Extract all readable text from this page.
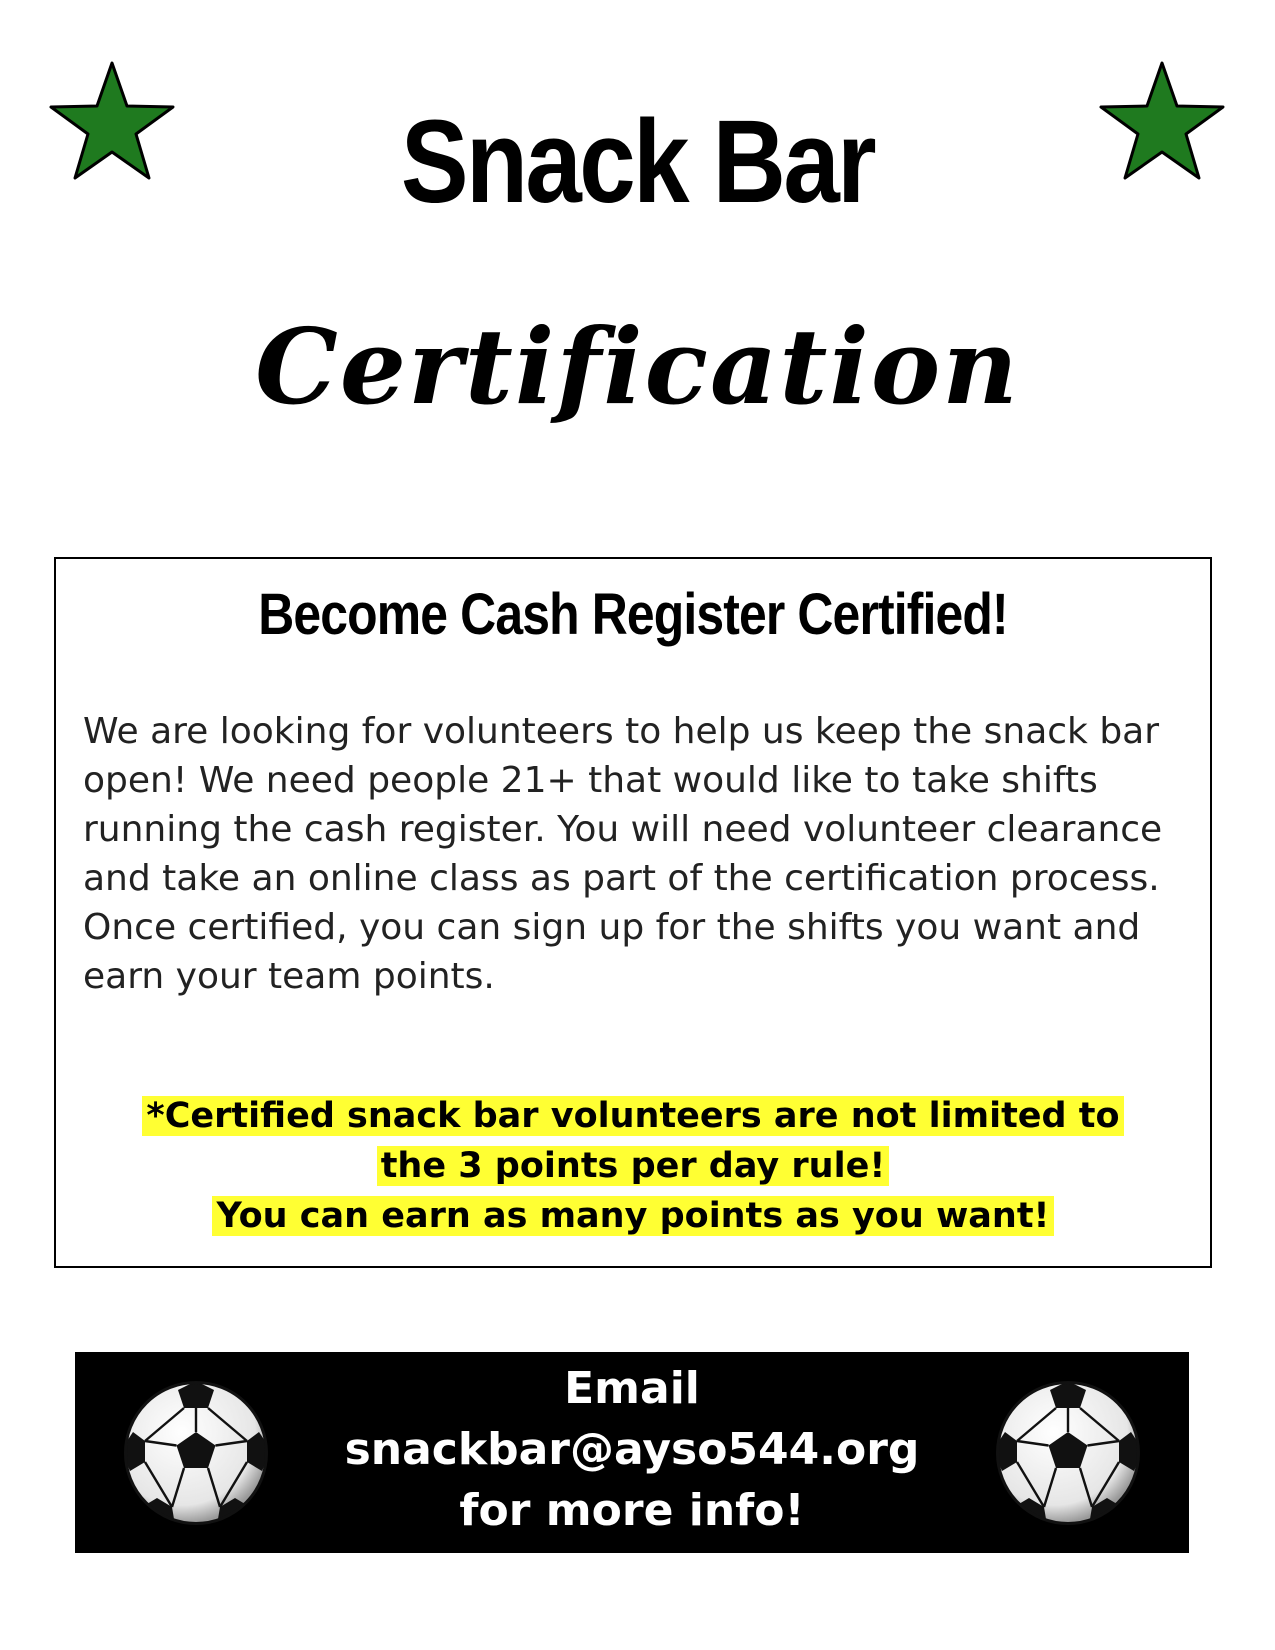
Snack Bar
Certification
Become Cash Register Certified!

We are looking for volunteers to help us keep the snack bar open! We need people 21+ that would like to take shifts running the cash register. You will need volunteer clearance and take an online class as part of the certification process. Once certified, you can sign up for the shifts you want and earn your team points.

*Certified snack bar volunteers are not limited to
the 3 points per day rule!
You can earn as many points as you want!
Email
snackbar@ayso544.org
for more info!
